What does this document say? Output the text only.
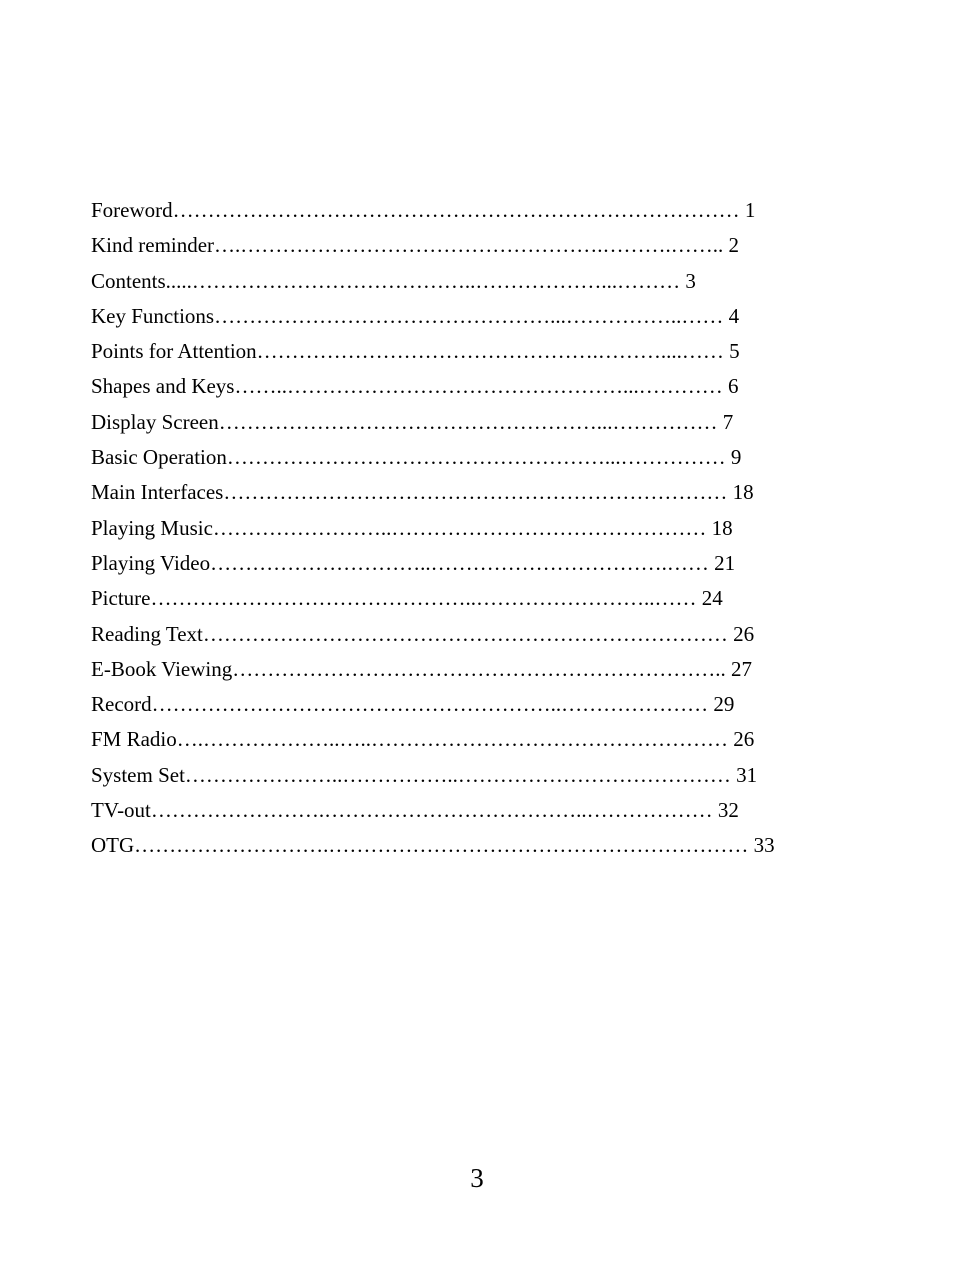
Foreword……………………………………………………………………… 1
Kind reminder….…………………………………………….……….…….. 2
Contents.....…………………………………..………………...……… 3
Key Functions…………………………………………...……………..…… 4
Points for Attention………………………………………….………....…… 5
Shapes and Keys……..…………………………………………...………… 6
Display Screen………………………………………………...…………… 7
Basic Operation………………………………………………...…………… 9
Main Interfaces……………………………………………………………… 18
Playing Music……………………..……………………………………… 18
Playing Video…………………………..…………………………….…… 21
Picture………………………………………..……………………..…… 24
Reading Text………………………………………………………………… 26
E-Book Viewing…………………………………………………………….. 27
Record…………………………………………………..………………… 29
FM Radio….………………..…..…………………………………………… 26
System Set…………………..……………..………………………………… 31
TV-out…………………….………………………………..……………… 32
OTG……………………….…………………………………………………… 33
3
